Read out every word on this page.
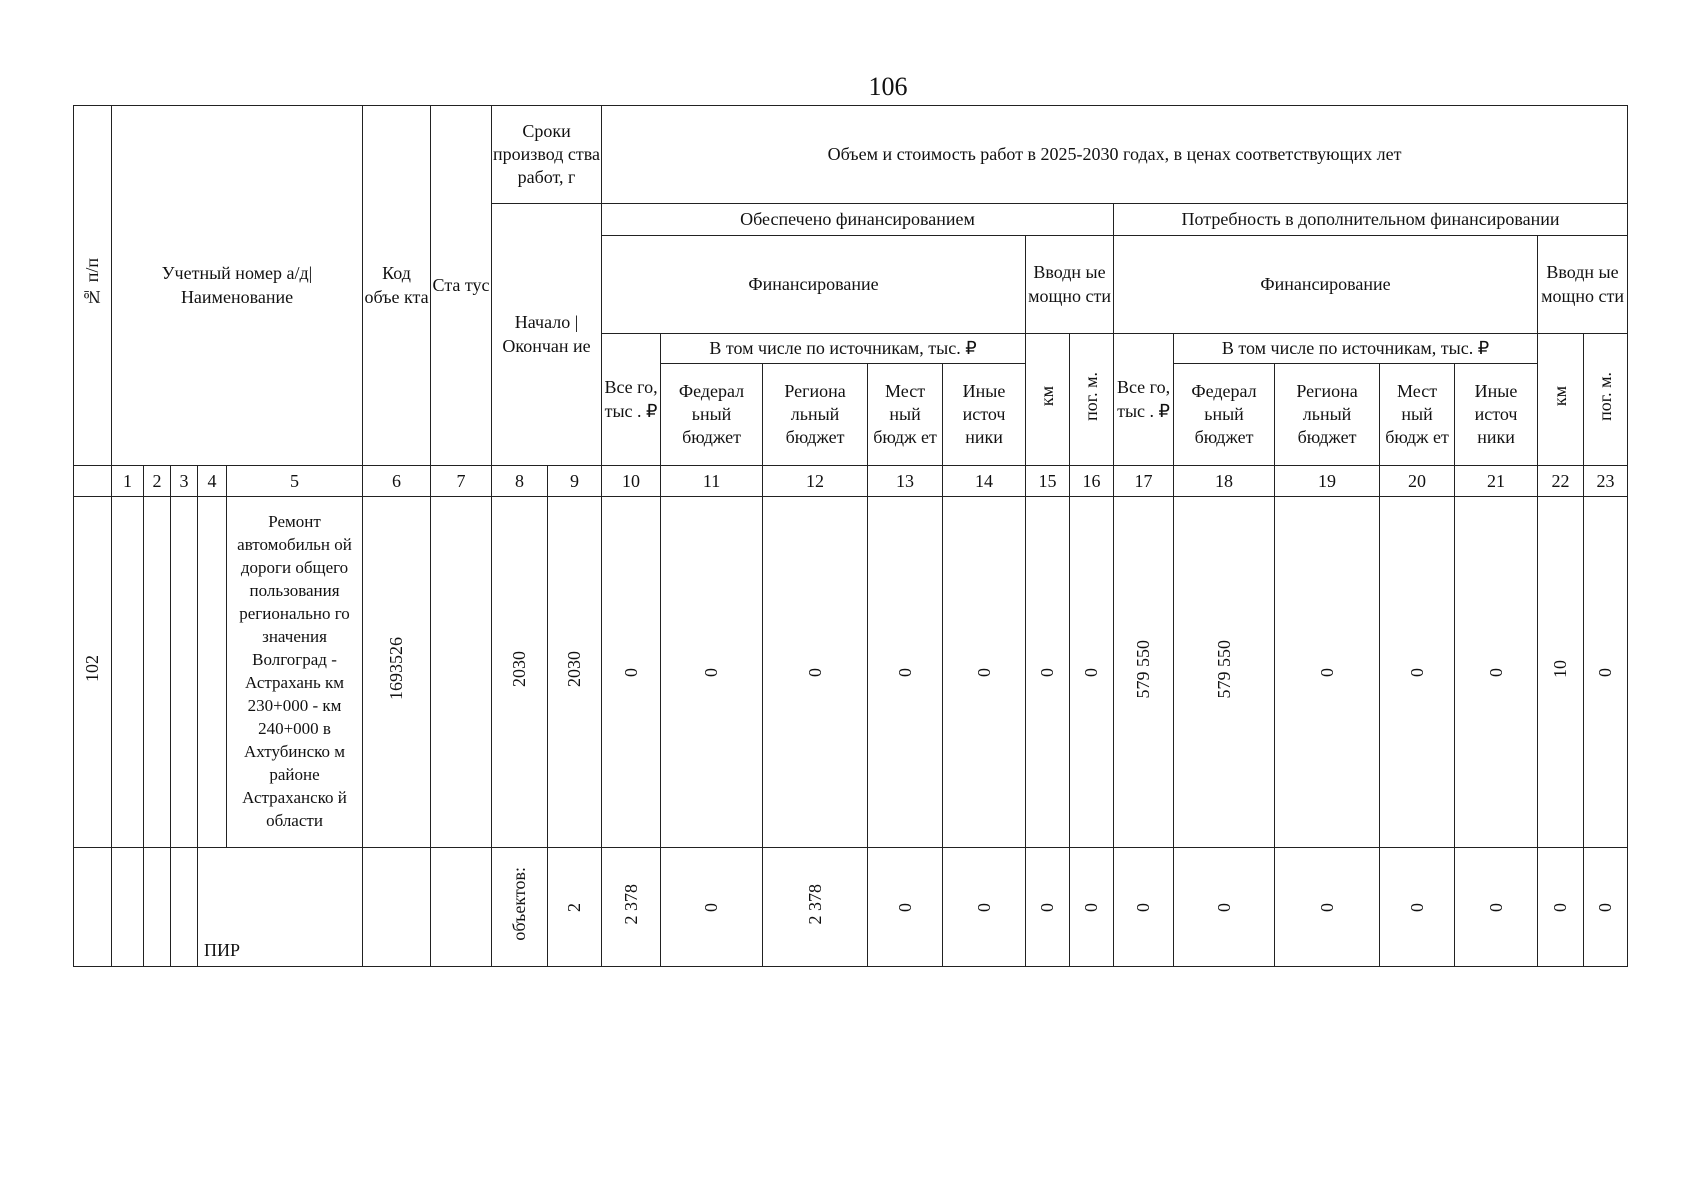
106
№ п/п	Учетный номер а/д| Наименование					Код объе кта	Ста тус	Сроки производ ства работ, г		Объем и стоимость работ в 2025-2030 годах, в ценах соответствующих лет													
								Начало | Окончан ие		Обеспечено финансированием							Потребность в дополнительном финансировании						
										Финансирование					Вводн ые мощно сти		Финансирование					Вводн ые мощно сти	
										Все го, тыс . ₽	В том числе по источникам, тыс. ₽				км	пог. м.	Все го, тыс . ₽	В том числе по источникам, тыс. ₽				км	пог. м.
											Федерал ьный бюджет	Региона льный бюджет	Мест ный бюдж ет	Иные источ ники				Федерал ьный бюджет	Региона льный бюджет	Мест ный бюдж ет	Иные источ ники		
	1	2	3	4	5	6	7	8	9	10	11	12	13	14	15	16	17	18	19	20	21	22	23
102					Ремонт автомобильн ой дороги общего пользования регионально го значения Волгоград - Астрахань км 230+000 - км 240+000 в Ахтубинско м районе Астраханско й области	1693526		2030	2030	0	0	0	0	0	0	0	579 550	579 550	0	0	0	10	0
				ПИР				объектов:	2	2 378	0	2 378	0	0	0	0	0	0	0	0	0	0	0
